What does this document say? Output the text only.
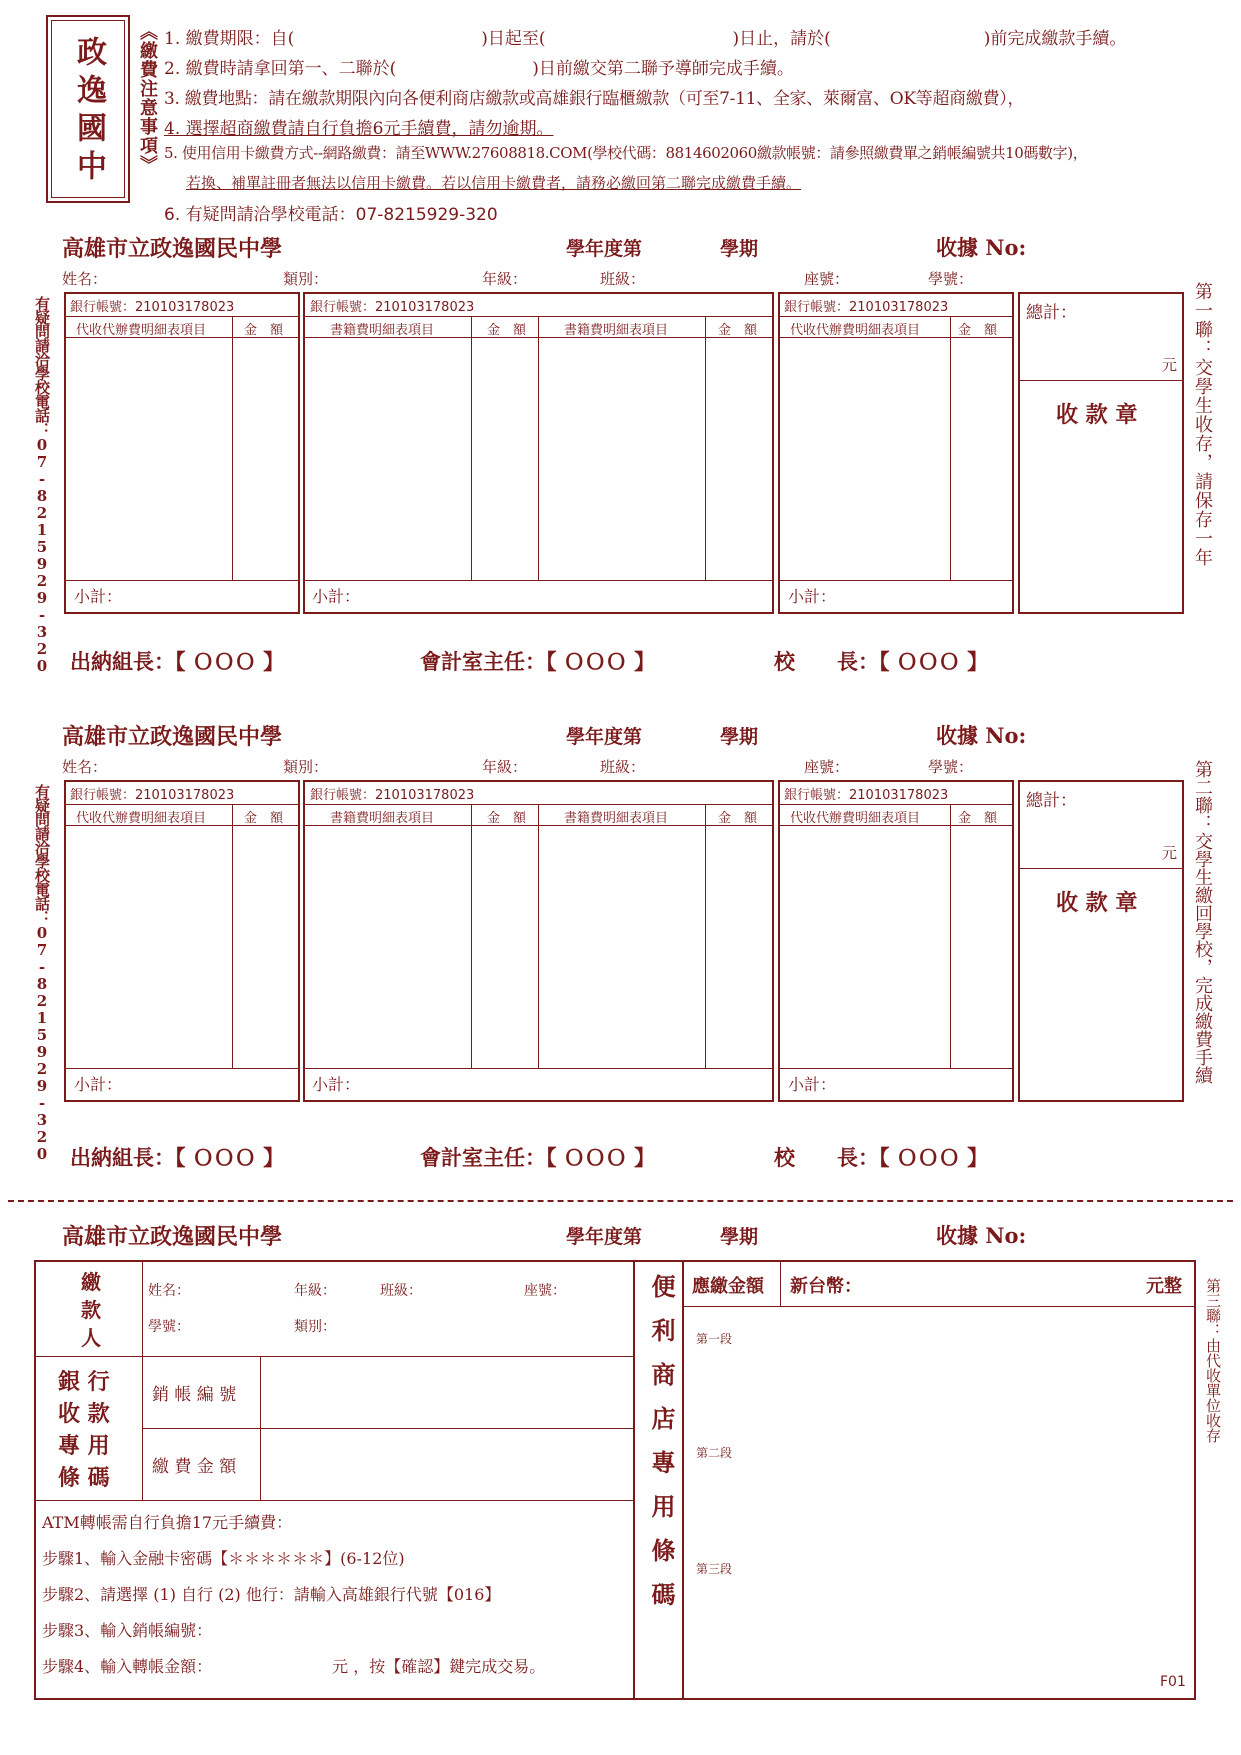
政逸國中 《繳費注意事項》 1. 繳費期限：自(　　　　　　　　　　　)日起至(　　　　　　　　　　　)日止，請於(　　　　　　　　　)前完成繳款手續。
2. 繳費時請拿回第一、二聯於(　　　　　　　　)日前繳交第二聯予導師完成手續。
3. 繳費地點：請在繳款期限內向各便利商店繳款或高雄銀行臨櫃繳款（可至7-11、全家、萊爾富、OK等超商繳費），
4. 選擇超商繳費請自行負擔6元手續費，請勿逾期。
5. 使用信用卡繳費方式--網路繳費：請至WWW.27608818.COM(學校代碼：8814602060繳款帳號：請參照繳費單之銷帳編號共10碼數字)，
若換、補單註冊者無法以信用卡繳費。若以信用卡繳費者，請務必繳回第二聯完成繳費手續。
6. 有疑問請洽學校電話：07-8215929-320
高雄市立政逸國民中學	學年度第	學期	收據 No:
姓名：	類別：	年級：	班級：	座號：	學號：
有疑問請洽學校電話：07-8215929-320 銀行帳號：210103178023
代收代辦費明細表項目	金　額
小計：
銀行帳號：210103178023
書籍費明細表項目	金　額	書籍費明細表項目	金　額
小計：
銀行帳號：210103178023
代收代辦費明細表項目	金　額
小計：
總計：
元
收 款 章	第一聯：交學生收存，請保存一年
出納組長：【 ＯＯＯ 】	會計室主任：【 ＯＯＯ 】	校　　長：【 ＯＯＯ 】
高雄市立政逸國民中學	學年度第	學期	收據 No:
姓名：	類別：	年級：	班級：	座號：	學號：
有疑問請洽學校電話：07-8215929-320 銀行帳號：210103178023
代收代辦費明細表項目	金　額
小計：
銀行帳號：210103178023
書籍費明細表項目	金　額	書籍費明細表項目	金　額
小計：
銀行帳號：210103178023
代收代辦費明細表項目	金　額
小計：
總計：
元
收 款 章	第二聯：交學生繳回學校，完成繳費手續
出納組長：【 ＯＯＯ 】	會計室主任：【 ＯＯＯ 】	校　　長：【 ＯＯＯ 】
高雄市立政逸國民中學	學年度第	學期	收據 No:
繳款人
姓名：	年級：	班級：	座號：
學號：	類別：
銀 行
收 款
專 用
條 碼
銷 帳 編 號
繳 費 金 額
ATM轉帳需自行負擔17元手續費：
步驟1、輸入金融卡密碼【＊＊＊＊＊＊】(6-12位)
步驟2、請選擇 (1) 自行 (2) 他行：請輸入高雄銀行代號【016】
步驟3、輸入銷帳編號：
步驟4、輸入轉帳金額：　　　　　　　　元 ，按【確認】鍵完成交易。
便利商店專用條碼 應繳金額 新台幣：	元整
第一段
第二段
第三段
F01
第三聯：由代收單位收存
